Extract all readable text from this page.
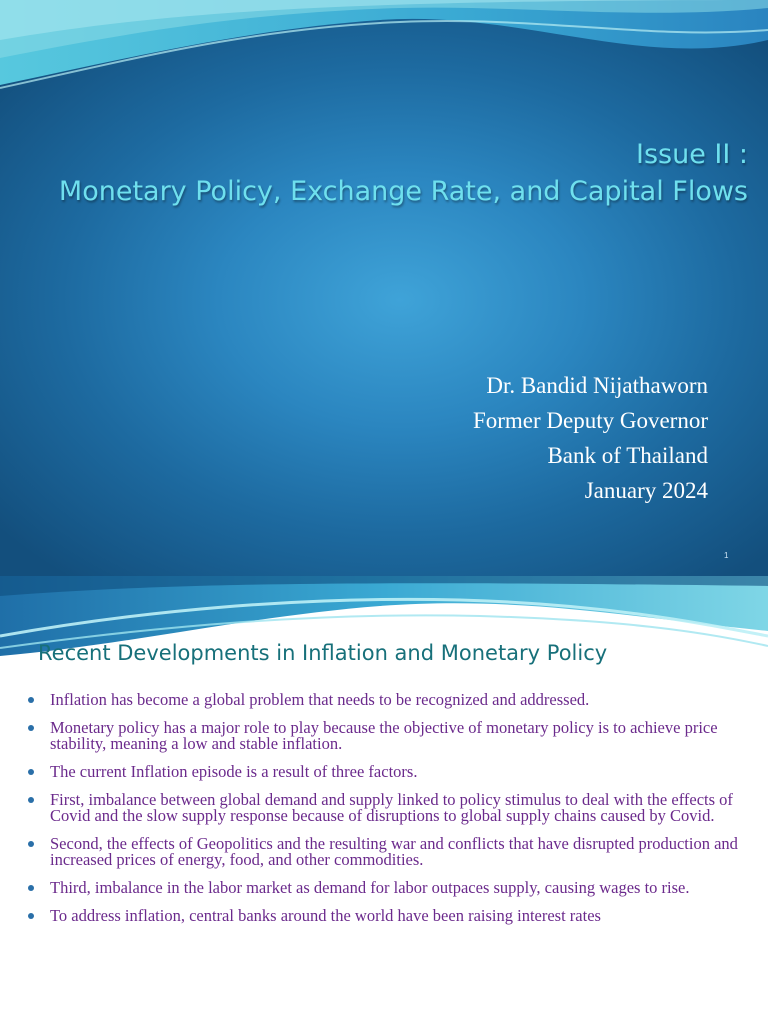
Issue II :
Monetary Policy, Exchange Rate, and Capital Flows
Dr. Bandid Nijathaworn
Former Deputy Governor
Bank of Thailand
January 2024
1
Recent Developments in Inflation and Monetary Policy
Inflation has become a global problem that needs to be recognized and addressed.
Monetary policy has a major role to play because the objective of monetary policy is to achieve price stability, meaning a low and stable inflation.
The current Inflation episode is a result of three factors.
First, imbalance between global demand and supply linked to policy stimulus to deal with the effects of Covid and the slow supply response because of disruptions to global supply chains caused by Covid.
Second, the effects of Geopolitics and the resulting war and conflicts that have disrupted production and increased prices of energy, food, and other commodities.
Third, imbalance in the labor market as demand for labor outpaces supply, causing wages to rise.
To address inflation, central banks around the world have been raising interest rates
